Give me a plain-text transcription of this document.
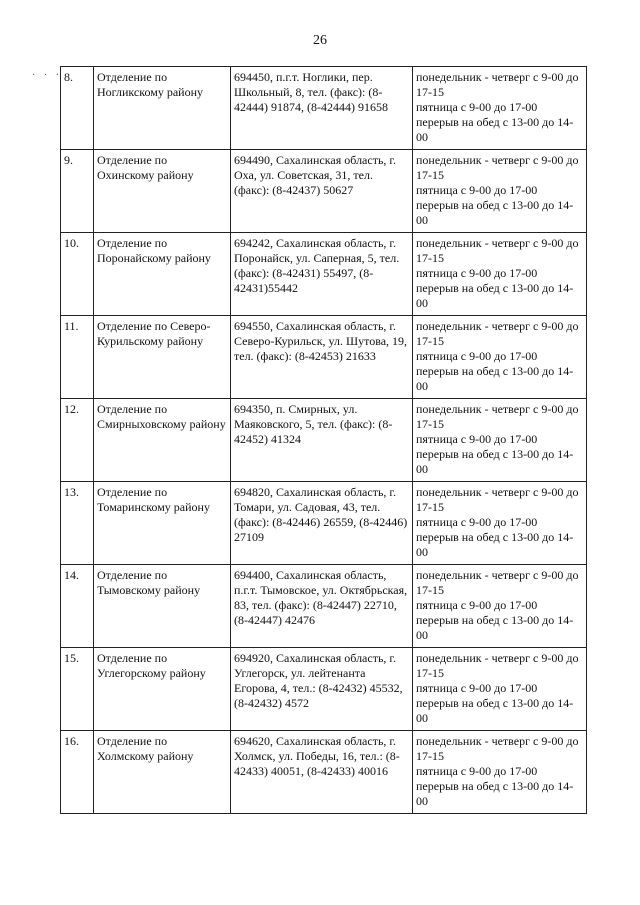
26
· · · 8.	Отделение по Ногликскому району	694450, п.г.т. Ноглики, пер. Школьный, 8, тел. (факс): (8-42444) 91874, (8-42444) 91658	понедельник - четверг с 9-00 до 17-15
пятница с 9-00 до 17-00
перерыв на обед с 13-00 до 14-00

9.	Отделение по Охинскому району	694490, Сахалинская область, г. Оха, ул. Советская, 31, тел. (факс): (8-42437) 50627	понедельник - четверг с 9-00 до 17-15
пятница с 9-00 до 17-00
перерыв на обед с 13-00 до 14-00

10.	Отделение по Поронайскому району	694242, Сахалинская область, г. Поронайск, ул. Саперная, 5, тел. (факс): (8-42431) 55497, (8-42431)55442	понедельник - четверг с 9-00 до 17-15
пятница с 9-00 до 17-00
перерыв на обед с 13-00 до 14-00

11.	Отделение по Северо-Курильскому району	694550, Сахалинская область, г. Северо-Курильск, ул. Шутова, 19, тел. (факс): (8-42453) 21633	понедельник - четверг с 9-00 до 17-15
пятница с 9-00 до 17-00
перерыв на обед с 13-00 до 14-00

12.	Отделение по Смирныховскому району	694350, п. Смирных, ул. Маяковского, 5, тел. (факс): (8-42452) 41324	понедельник - четверг с 9-00 до 17-15
пятница с 9-00 до 17-00
перерыв на обед с 13-00 до 14-00

13.	Отделение по Томаринскому району	694820, Сахалинская область, г. Томари, ул. Садовая, 43, тел. (факс): (8-42446) 26559, (8-42446) 27109	понедельник - четверг с 9-00 до 17-15
пятница с 9-00 до 17-00
перерыв на обед с 13-00 до 14-00

14.	Отделение по Тымовскому району	694400, Сахалинская область, п.г.т. Тымовское, ул. Октябрьская, 83, тел. (факс): (8-42447) 22710, (8-42447) 42476	понедельник - четверг с 9-00 до 17-15
пятница с 9-00 до 17-00
перерыв на обед с 13-00 до 14-00

15.	Отделение по Углегорскому району	694920, Сахалинская область, г. Углегорск, ул. лейтенанта Егорова, 4, тел.: (8-42432) 45532, (8-42432) 4572	понедельник - четверг с 9-00 до 17-15
пятница с 9-00 до 17-00
перерыв на обед с 13-00 до 14-00

16.	Отделение по Холмскому району	694620, Сахалинская область, г. Холмск, ул. Победы, 16, тел.: (8-42433) 40051, (8-42433) 40016	понедельник - четверг с 9-00 до 17-15
пятница с 9-00 до 17-00
перерыв на обед с 13-00 до 14-00
